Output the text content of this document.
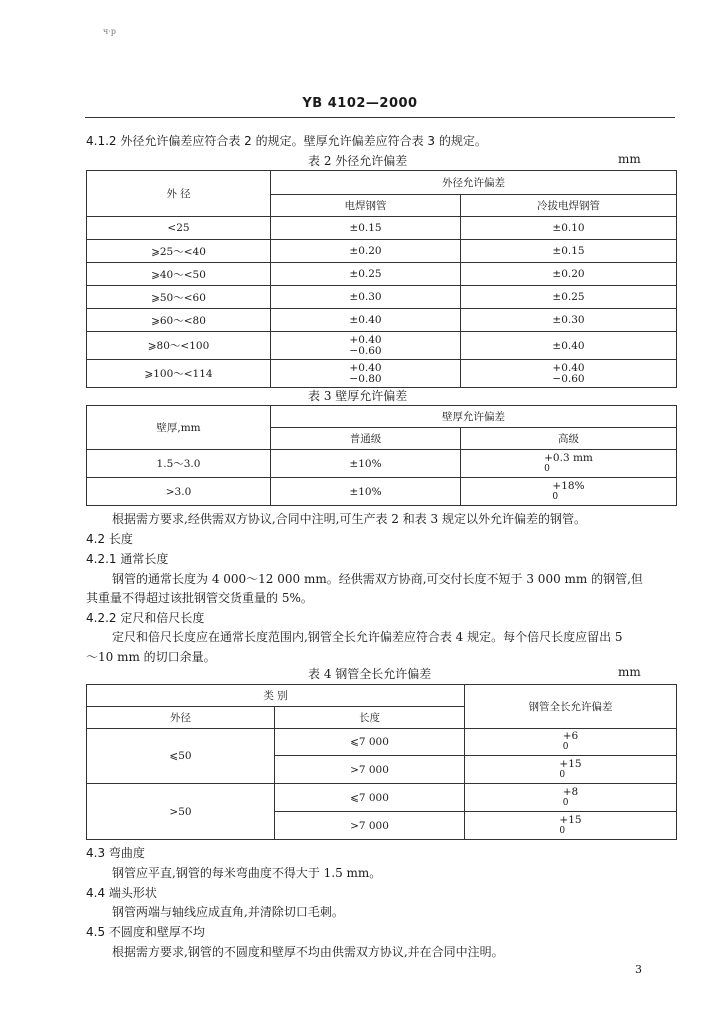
ч·р
YB 4102—2000
4.1.2 外径允许偏差应符合表 2 的规定。壁厚允许偏差应符合表 3 的规定。
表 2 外径允许偏差	mm
外 径	外径允许偏差	
	电焊钢管	冷拔电焊钢管
<25	±0.15	±0.10

⩾25～<40	±0.20	±0.15

⩾40～<50	±0.25	±0.20

⩾50～<60	±0.30	±0.25

⩾60～<80	±0.40	±0.30

⩾80～<100	+0.40
−0.60	±0.40

⩾100～<114	+0.40
−0.80	+0.40
−0.60
表 3 壁厚允许偏差
壁厚,mm	壁厚允许偏差	
	普通级	高级
1.5～3.0	±10%	+0.3 mm
0

>3.0	±10%	+18%
0
根据需方要求,经供需双方协议,合同中注明,可生产表 2 和表 3 规定以外允许偏差的钢管。
4.2 长度
4.2.1 通常长度
钢管的通常长度为 4 000～12 000 mm。经供需双方协商,可交付长度不短于 3 000 mm 的钢管,但
其重量不得超过该批钢管交货重量的 5%。
4.2.2 定尺和倍尺长度
定尺和倍尺长度应在通常长度范围内,钢管全长允许偏差应符合表 4 规定。每个倍尺长度应留出 5
～10 mm 的切口余量。
表 4 钢管全长允许偏差	mm
类 别		钢管全长允许偏差
外径	长度	
⩽50	⩽7 000	+6
0

	>7 000	+15
0

>50	⩽7 000	+8
0

	>7 000	+15
0
4.3 弯曲度
钢管应平直,钢管的每米弯曲度不得大于 1.5 mm。
4.4 端头形状
钢管两端与轴线应成直角,并清除切口毛刺。
4.5 不圆度和壁厚不均
根据需方要求,钢管的不圆度和壁厚不均由供需双方协议,并在合同中注明。
3
